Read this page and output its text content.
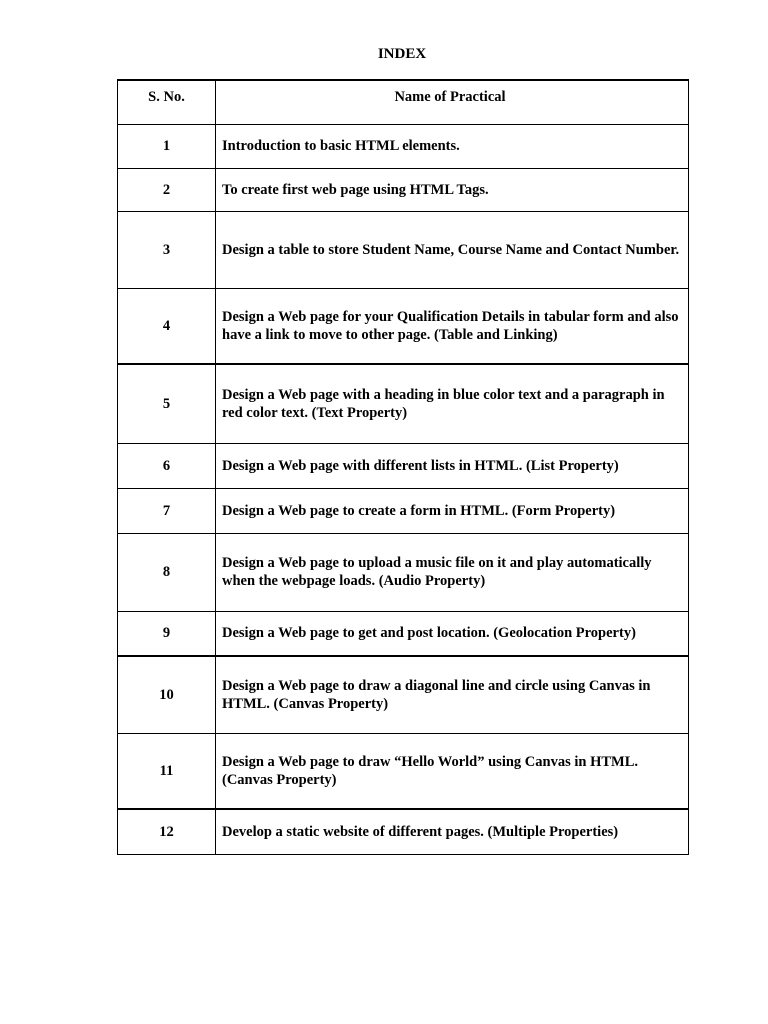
INDEX
S. No.	Name of Practical
1	Introduction to basic HTML elements.
2	To create first web page using HTML Tags.
3	Design a table to store Student Name, Course Name and Contact Number.
4	Design a Web page for your Qualification Details in tabular form and also have a link to move to other page. (Table and Linking)
5	Design a Web page with a heading in blue color text and a paragraph in red color text. (Text Property)
6	Design a Web page with different lists in HTML. (List Property)
7	Design a Web page to create a form in HTML. (Form Property)
8	Design a Web page to upload a music file on it and play automatically when the webpage loads. (Audio Property)
9	Design a Web page to get and post location. (Geolocation Property)
10	Design a Web page to draw a diagonal line and circle using Canvas in HTML. (Canvas Property)
11	Design a Web page to draw “Hello World” using Canvas in HTML. (Canvas Property)
12	Develop a static website of different pages. (Multiple Properties)
